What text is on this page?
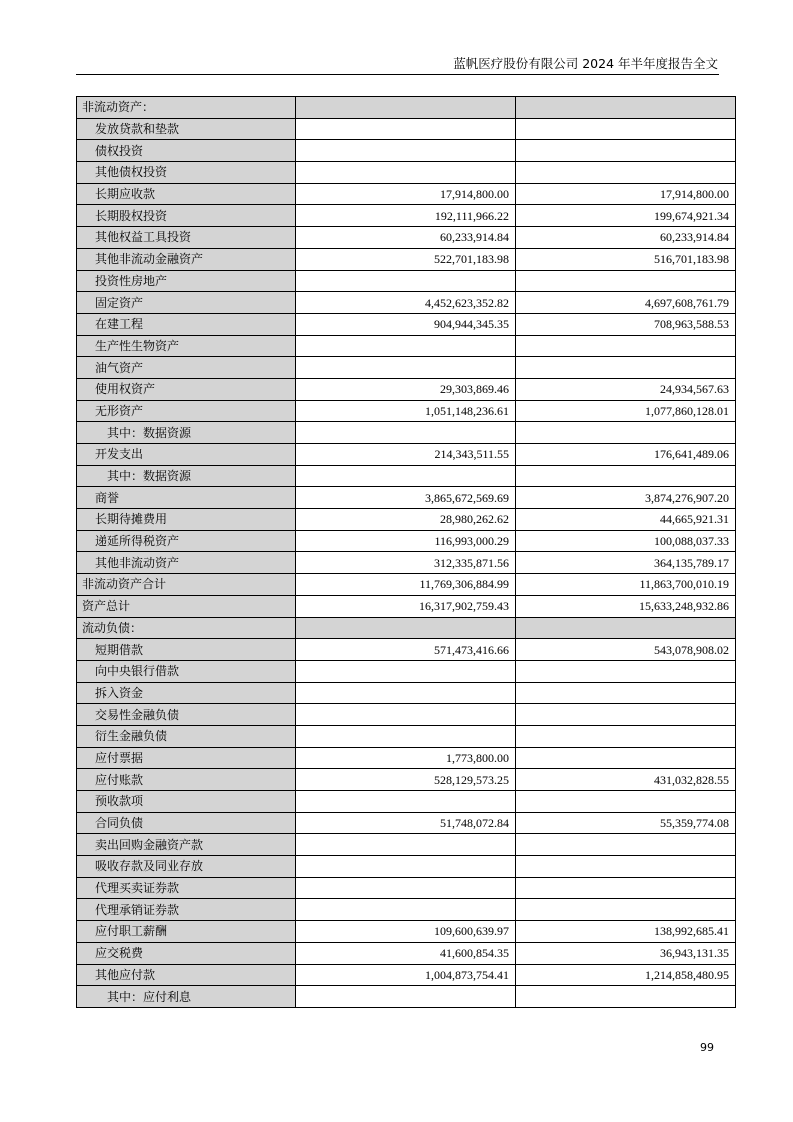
蓝帆医疗股份有限公司 2024 年半年度报告全文
非流动资产：		
发放贷款和垫款		
债权投资		
其他债权投资		
长期应收款	17,914,800.00	17,914,800.00
长期股权投资	192,111,966.22	199,674,921.34
其他权益工具投资	60,233,914.84	60,233,914.84
其他非流动金融资产	522,701,183.98	516,701,183.98
投资性房地产		
固定资产	4,452,623,352.82	4,697,608,761.79
在建工程	904,944,345.35	708,963,588.53
生产性生物资产		
油气资产		
使用权资产	29,303,869.46	24,934,567.63
无形资产	1,051,148,236.61	1,077,860,128.01
其中：数据资源		
开发支出	214,343,511.55	176,641,489.06
其中：数据资源		
商誉	3,865,672,569.69	3,874,276,907.20
长期待摊费用	28,980,262.62	44,665,921.31
递延所得税资产	116,993,000.29	100,088,037.33
其他非流动资产	312,335,871.56	364,135,789.17
非流动资产合计	11,769,306,884.99	11,863,700,010.19
资产总计	16,317,902,759.43	15,633,248,932.86
流动负债：		
短期借款	571,473,416.66	543,078,908.02
向中央银行借款		
拆入资金		
交易性金融负债		
衍生金融负债		
应付票据	1,773,800.00	
应付账款	528,129,573.25	431,032,828.55
预收款项		
合同负债	51,748,072.84	55,359,774.08
卖出回购金融资产款		
吸收存款及同业存放		
代理买卖证券款		
代理承销证券款		
应付职工薪酬	109,600,639.97	138,992,685.41
应交税费	41,600,854.35	36,943,131.35
其他应付款	1,004,873,754.41	1,214,858,480.95
其中：应付利息		
99
